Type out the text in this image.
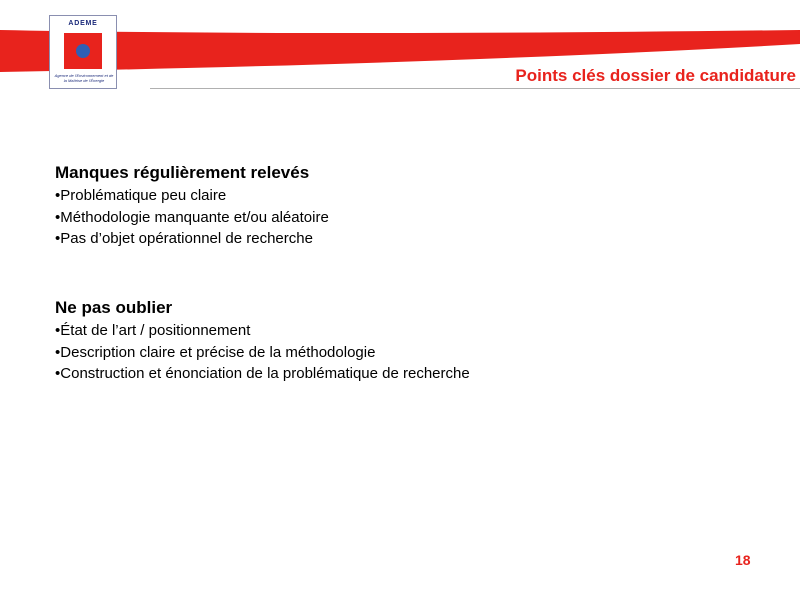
ADEME
Agence de l'Environnement et de la Maîtrise de l'Énergie	Points clés dossier de candidature
Manques régulièrement relevés
• Problématique peu claire
• Méthodologie manquante et/ou aléatoire
• Pas d’objet opérationnel de recherche
Ne pas oublier
• État de l’art / positionnement
• Description claire et précise de la méthodologie
• Construction et énonciation de la problématique de recherche
18
